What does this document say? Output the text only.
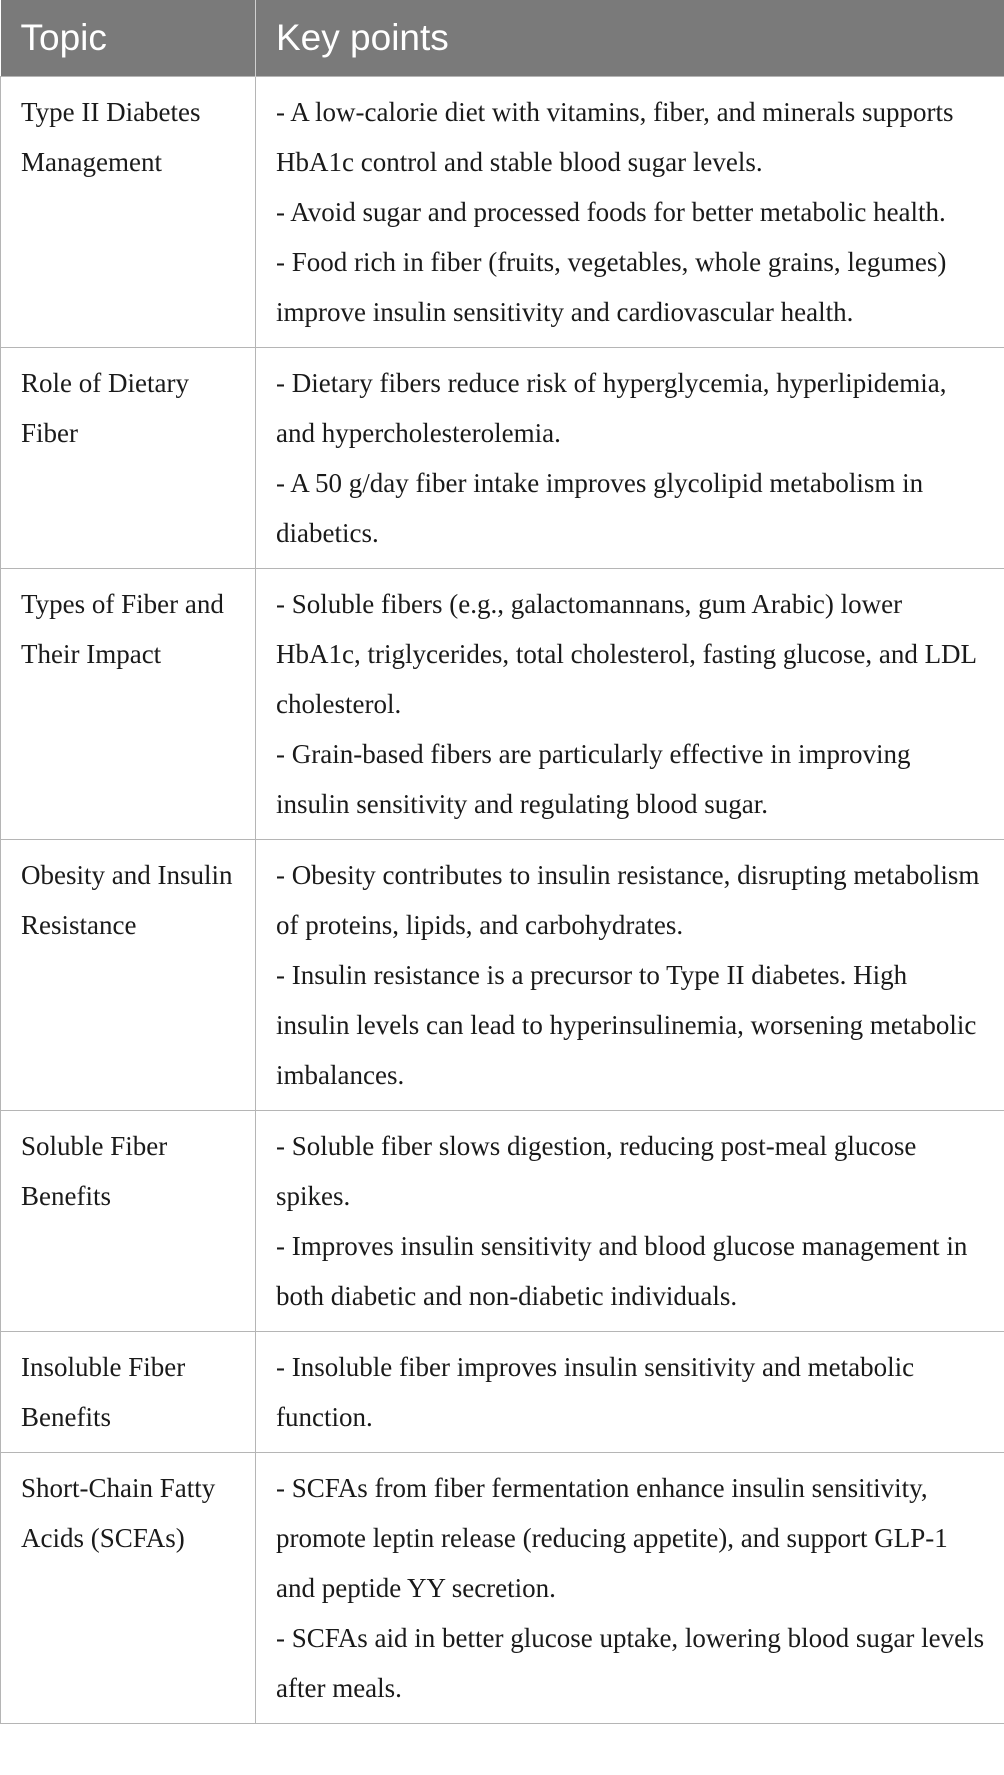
Topic	Key points
Type II Diabetes Management	- A low-calorie diet with vitamins, fiber, and minerals supports HbA1c control and stable blood sugar levels.
- Avoid sugar and processed foods for better metabolic health.
- Food rich in fiber (fruits, vegetables, whole grains, legumes) improve insulin sensitivity and cardiovascular health.

Role of Dietary Fiber	- Dietary fibers reduce risk of hyperglycemia, hyperlipidemia, and hypercholesterolemia.
- A 50 g/day fiber intake improves glycolipid metabolism in diabetics.

Types of Fiber and Their Impact	- Soluble fibers (e.g., galactomannans, gum Arabic) lower HbA1c, triglycerides, total cholesterol, fasting glucose, and LDL cholesterol.
- Grain-based fibers are particularly effective in improving insulin sensitivity and regulating blood sugar.

Obesity and Insulin Resistance	- Obesity contributes to insulin resistance, disrupting metabolism of proteins, lipids, and carbohydrates.
- Insulin resistance is a precursor to Type II diabetes. High insulin levels can lead to hyperinsulinemia, worsening metabolic imbalances.

Soluble Fiber Benefits	- Soluble fiber slows digestion, reducing post-meal glucose spikes.
- Improves insulin sensitivity and blood glucose management in both diabetic and non-diabetic individuals.

Insoluble Fiber Benefits	- Insoluble fiber improves insulin sensitivity and metabolic function.

Short-Chain Fatty Acids (SCFAs)	- SCFAs from fiber fermentation enhance insulin sensitivity, promote leptin release (reducing appetite), and support GLP-1 and peptide YY secretion.
- SCFAs aid in better glucose uptake, lowering blood sugar levels after meals.
